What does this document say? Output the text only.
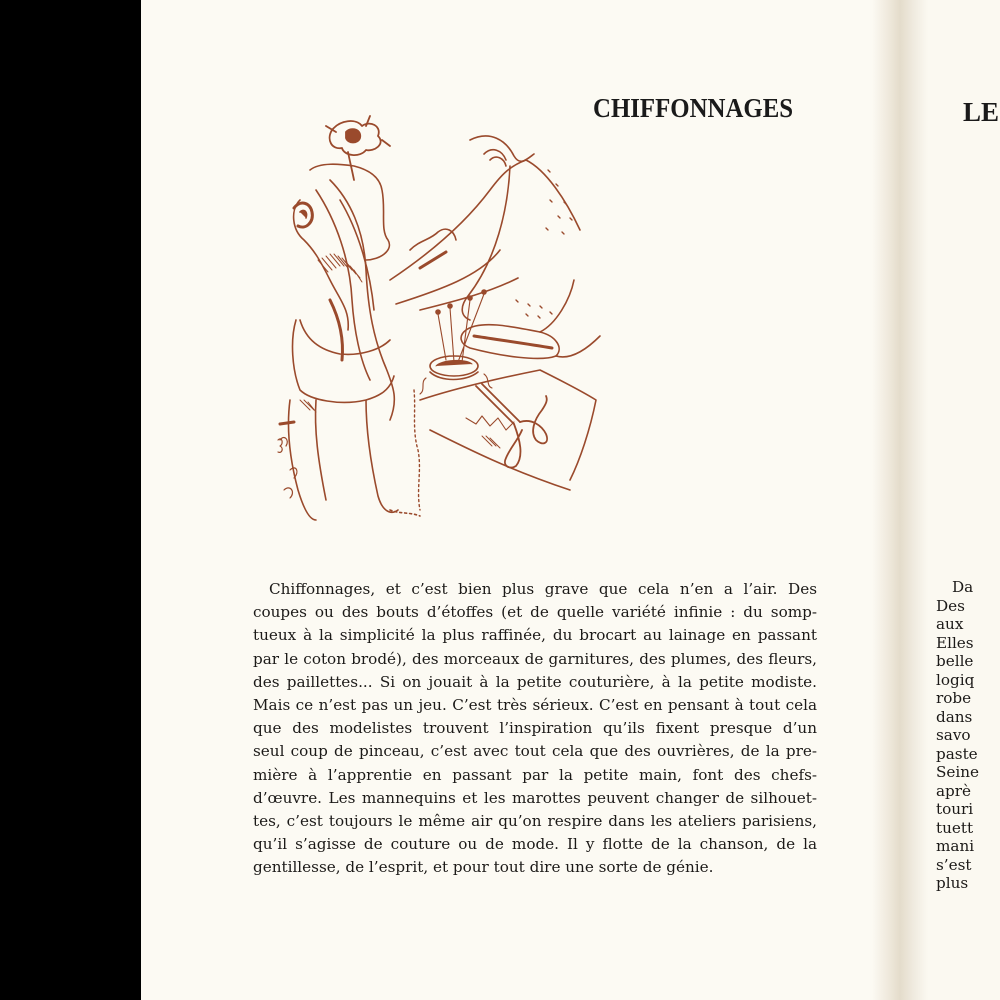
CHIFFONNAGES
Chiffonnages, et c’est bien plus grave que cela n’en a l’air. Des
coupes ou des bouts d’étoffes (et de quelle variété infinie : du somp-
tueux à la simplicité la plus raffinée, du brocart au lainage en passant
par le coton brodé), des morceaux de garnitures, des plumes, des fleurs,
des paillettes... Si on jouait à la petite couturière, à la petite modiste.
Mais ce n’est pas un jeu. C’est très sérieux. C’est en pensant à tout cela
que des modelistes trouvent l’inspiration qu’ils fixent presque d’un
seul coup de pinceau, c’est avec tout cela que des ouvrières, de la pre-
mière à l’apprentie en passant par la petite main, font des chefs-
d’œuvre. Les mannequins et les marottes peuvent changer de silhouet-
tes, c’est toujours le même air qu’on respire dans les ateliers parisiens,
qu’il s’agisse de couture ou de mode. Il y flotte de la chanson, de la
gentillesse, de l’esprit, et pour tout dire une sorte de génie.
LE
Da
Des
aux
Elles
belle
logiq
robe
dans
savo
paste
Seine
aprè
touri
tuett
mani
s’est
plus
